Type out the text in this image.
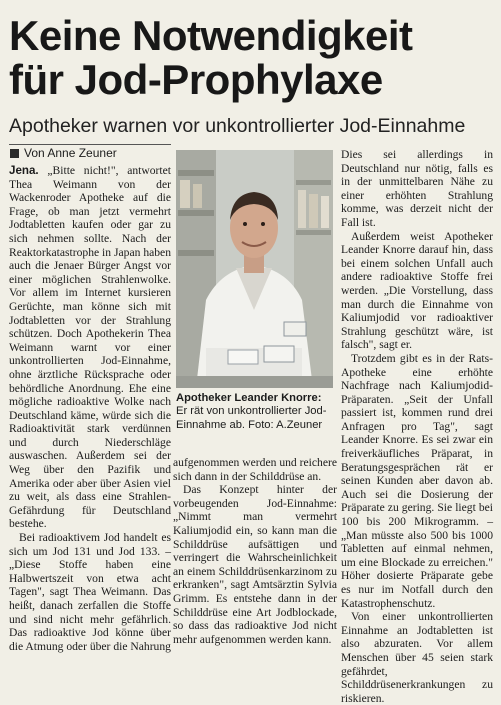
Keine Notwendigkeit
für Jod-Prophylaxe
Apotheker warnen vor unkontrollierter Jod-Einnahme
Von Anne Zeuner

Jena. „Bitte nicht!", antwortet Thea Weimann von der Wackenroder Apotheke auf die Frage, ob man jetzt vermehrt Jodtabletten kaufen oder gar zu sich nehmen sollte. Nach der Reaktorkatastrophe in Japan haben auch die Jenaer Bürger Angst vor einer möglichen Strahlenwolke. Vor allem im Internet kursieren Gerüchte, man könne sich mit Jodtabletten vor der Strahlung schützen. Doch Apothekerin Thea Weimann warnt vor einer unkontrollierten Jod-Einnahme, ohne ärztliche Rücksprache oder behördliche Anordnung. Ehe eine mögliche radioaktive Wolke nach Deutschland käme, würde sich die Radioaktivität stark verdünnen und durch Niederschläge auswaschen. Außerdem sei der Weg über den Pazifik und Amerika oder aber über Asien viel zu weit, als dass eine Strahlen-Gefährdung für Deutschland bestehe.

Bei radioaktivem Jod handelt es sich um Jod 131 und Jod 133. – „Diese Stoffe haben eine Halbwertszeit von etwa acht Tagen", sagt Thea Weimann. Das heißt, danach zerfallen die Stoffe und sind nicht mehr gefährlich. Das radioaktive Jod könne über die Atmung oder über die Nahrung

Apotheker Leander Knorre: Er rät von unkontrollierter Jod-Einnahme ab. Foto: A.Zeuner

aufgenommen werden und reichere sich dann in der Schilddrüse an.

Das Konzept hinter der vorbeugenden Jod-Einnahme: „Nimmt man vermehrt Kaliumjodid ein, so kann man die Schilddrüse aufsättigen und verringert die Wahrscheinlichkeit an einem Schilddrüsenkarzinom zu erkranken", sagt Amtsärztin Sylvia Grimm. Es entstehe dann in der Schilddrüse eine Art Jodblockade, so dass das radioaktive Jod nicht mehr aufgenommen werden kann.

Dies sei allerdings in Deutschland nur nötig, falls es in der unmittelbaren Nähe zu einer erhöhten Strahlung komme, was derzeit nicht der Fall ist.

Außerdem weist Apotheker Leander Knorre darauf hin, dass bei einem solchen Unfall auch andere radioaktive Stoffe frei werden. „Die Vorstellung, dass man durch die Einnahme von Kaliumjodid vor radioaktiver Strahlung geschützt wäre, ist falsch", sagt er.

Trotzdem gibt es in der Rats-Apotheke eine erhöhte Nachfrage nach Kaliumjodid-Präparaten. „Seit der Unfall passiert ist, kommen rund drei Anfragen pro Tag", sagt Leander Knorre. Es sei zwar ein freiverkäufliches Präparat, in Beratungsgesprächen rät er seinen Kunden aber davon ab. Auch sei die Dosierung der Präparate zu gering. Sie liegt bei 100 bis 200 Mikrogramm. – „Man müsste also 500 bis 1000 Tabletten auf einmal nehmen, um eine Blockade zu erreichen." Höher dosierte Präparate gebe es nur im Notfall durch den Katastrophenschutz.

Von einer unkontrollierten Einnahme an Jodtabletten ist also abzuraten. Vor allem Menschen über 45 seien stark gefährdet, Schilddrüsenerkrankungen zu riskieren.
